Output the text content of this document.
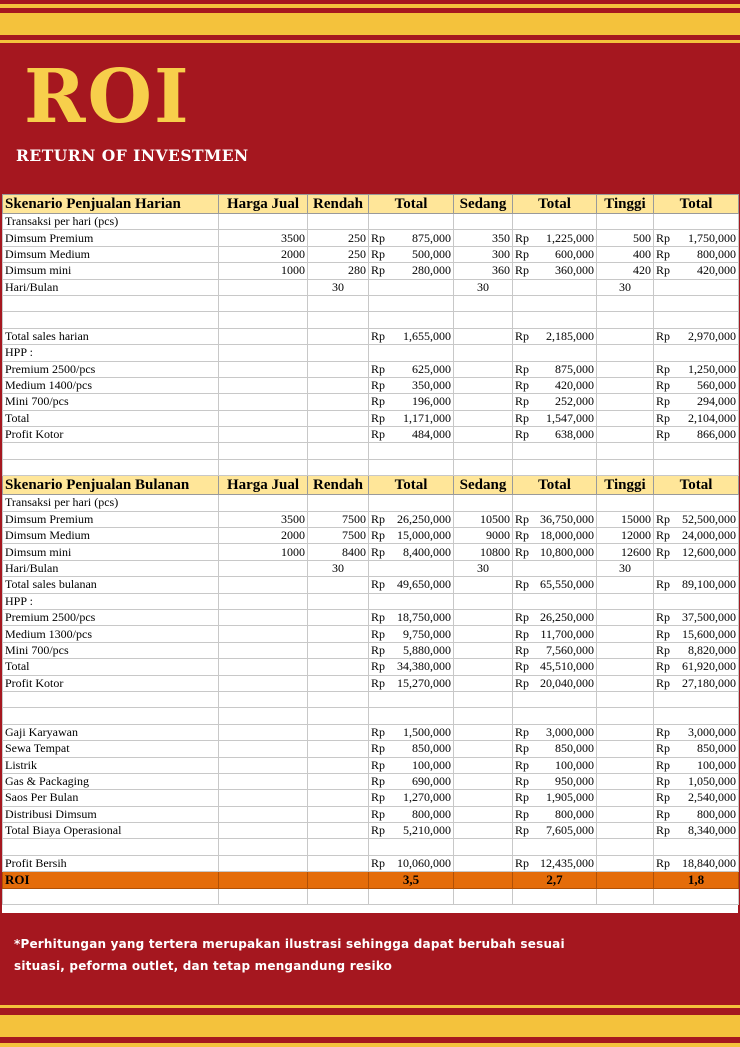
ROI
RETURN OF INVESTMEN
Skenario Penjualan Harian	Harga Jual	Rendah	Total	Sedang	Total	Tinggi	Total
Transaksi per hari (pcs)							
Dimsum Premium	3500	250	Rp 875,000	350	Rp 1,225,000	500	Rp 1,750,000

Dimsum Medium	2000	250	Rp 500,000	300	Rp 600,000	400	Rp 800,000

Dimsum mini	1000	280	Rp 280,000	360	Rp 360,000	420	Rp 420,000

Hari/Bulan		30		30		30	

Total sales harian			Rp 1,655,000		Rp 2,185,000		Rp 2,970,000

HPP :							
Premium 2500/pcs			Rp 625,000		Rp 875,000		Rp 1,250,000

Medium 1400/pcs			Rp 350,000		Rp 420,000		Rp 560,000

Mini 700/pcs			Rp 196,000		Rp 252,000		Rp 294,000

Total			Rp 1,171,000		Rp 1,547,000		Rp 2,104,000

Profit Kotor			Rp 484,000		Rp 638,000		Rp 866,000

Skenario Penjualan Bulanan	Harga Jual	Rendah	Total	Sedang	Total	Tinggi	Total
Transaksi per hari (pcs)							
Dimsum Premium	3500	7500	Rp 26,250,000	10500	Rp 36,750,000	15000	Rp 52,500,000

Dimsum Medium	2000	7500	Rp 15,000,000	9000	Rp 18,000,000	12000	Rp 24,000,000

Dimsum mini	1000	8400	Rp 8,400,000	10800	Rp 10,800,000	12600	Rp 12,600,000

Hari/Bulan		30		30		30	
Total sales bulanan			Rp 49,650,000		Rp 65,550,000		Rp 89,100,000

HPP :							
Premium 2500/pcs			Rp 18,750,000		Rp 26,250,000		Rp 37,500,000

Medium 1300/pcs			Rp 9,750,000		Rp 11,700,000		Rp 15,600,000

Mini 700/pcs			Rp 5,880,000		Rp 7,560,000		Rp 8,820,000

Total			Rp 34,380,000		Rp 45,510,000		Rp 61,920,000

Profit Kotor			Rp 15,270,000		Rp 20,040,000		Rp 27,180,000

Gaji Karyawan			Rp 1,500,000		Rp 3,000,000		Rp 3,000,000

Sewa Tempat			Rp 850,000		Rp 850,000		Rp 850,000

Listrik			Rp 100,000		Rp 100,000		Rp 100,000

Gas & Packaging			Rp 690,000		Rp 950,000		Rp 1,050,000

Saos Per Bulan			Rp 1,270,000		Rp 1,905,000		Rp 2,540,000

Distribusi Dimsum			Rp 800,000		Rp 800,000		Rp 800,000

Total Biaya Operasional			Rp 5,210,000		Rp 7,605,000		Rp 8,340,000

Profit Bersih			Rp 10,060,000		Rp 12,435,000		Rp 18,840,000

ROI			3,5		2,7		1,8

*Perhitungan yang tertera merupakan ilustrasi sehingga dapat berubah sesuai
situasi, peforma outlet, dan tetap mengandung resiko
